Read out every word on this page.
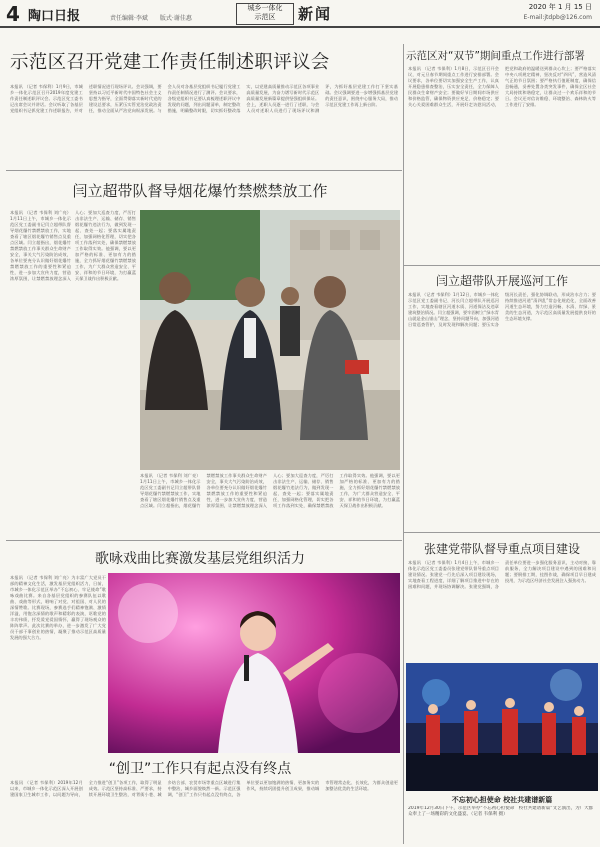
4 陶口日报	责任编辑·李斌　　版式·谢佳惠
城乡一体化
示范区	新闻	2020 年 1 月 15 日
E-mail:jtdpb@126.com
示范区召开党建工作责任制述职评议会
本报讯 （记者 韦保利）1月9日，市城乡一体化示范区召开2019年度党建工作责任制述职评议会。示范区党工委书记出席会议并讲话。会议听取了各基层党组织书记抓党建工作述职报告，并对述职情况进行现场评议。会议强调，要坚持以习近平新时代中国特色社会主义思想为指导，全面贯彻落实新时代党的建设总要求，压紧压实管党治党政治责任，推动全面从严治党向纵深发展。与会人员对各基层党组织书记履行党建工作责任制情况进行了测评。会议要求，各级党组织书记要认真梳理述职评议中发现的问题，列出问题清单，制定整改措施，明确整改时限，切实抓好整改落实，以党建高质量推动示范区各项事业高质量发展，为奋力谱写新时代示范区高质量发展新篇章提供坚强组织保证。会上，述职人员逐一进行了述职，与会人员对述职人员进行了现场评议和测评，为抓好基层党建工作打下坚实基础。会议强调要进一步增强抓基层党建的责任意识，围绕中心服务大局，推动示范区党建工作再上新台阶。
示范区对“双节”期间重点工作进行部署
本报讯 （记者 韦保利）1月8日，示范区召开会议，对元旦春节期间重点工作进行安排部署。会议要求，各单位要切实加强安全生产工作，认真开展隐患排查整治，压实安全责任，全力保障人民群众生命财产安全；要做好节日期间市场供应和价格监管，确保物资供应充足、价格稳定；要关心关爱困难群众生活，开展好走访慰问活动，把党和政府的温暖送到群众心坎上；要严格落实中央八项规定精神，坚决反对“四风”，营造风清气正的节日氛围；要严格执行值班制度，确保信息畅通，妥善处置各类突发事件，确保全区社会大局持续和谐稳定，让群众过一个欢乐祥和的节日。会议还对信访维稳、环境整治、森林防火等工作进行了安排。
闫立超带队督导烟花爆竹禁燃禁放工作
本报讯 （记者 韦保利 刘广亮）1月11日上午，市城乡一体化示范区党工委副书记闫立超带队督导烟花爆竹禁燃禁放工作，实地查看了辖区烟花爆竹销售点及重点区域。闫立超指出，烟花爆竹禁燃禁放工作事关群众生命财产安全，事关大气污染防治成效，各单位要充分认识做好烟花爆竹禁燃禁放工作的重要性和紧迫性，进一步加大宣传力度，营造浓厚氛围，让禁燃禁放理念深入人心；要加大巡查力度，严厉打击非法生产、运输、储存、销售烟花爆竹违法行为，做到发现一起、查处一起；要落实属地责任，加强网格化管理，切实把各项工作落到实处，确保禁燃禁放工作取得实效。他强调，要以更加严格的标准、更加有力的措施，全力抓好烟花爆竹禁燃禁放工作，为广大群众营造安全、平安、祥和的节日环境，为打赢蓝天保卫战作出积极贡献。
本报讯 （记者 韦保利 刘广亮）1月11日上午，市城乡一体化示范区党工委副书记闫立超带队督导烟花爆竹禁燃禁放工作，实地查看了辖区烟花爆竹销售点及重点区域。闫立超指出，烟花爆竹禁燃禁放工作事关群众生命财产安全，事关大气污染防治成效，各单位要充分认识做好烟花爆竹禁燃禁放工作的重要性和紧迫性，进一步加大宣传力度，营造浓厚氛围，让禁燃禁放理念深入人心；要加大巡查力度，严厉打击非法生产、运输、储存、销售烟花爆竹违法行为，做到发现一起、查处一起；要落实属地责任，加强网格化管理，切实把各项工作落到实处，确保禁燃禁放工作取得实效。他强调，要以更加严格的标准、更加有力的措施，全力抓好烟花爆竹禁燃禁放工作，为广大群众营造安全、平安、祥和的节日环境，为打赢蓝天保卫战作出积极贡献。
闫立超带队开展巡河工作
本报讯 （记者 韦保利）1月12日，市城乡一体化示范区党工委副书记、河长闫立超带队开展巡河工作，实地查看辖区河道水质、河道保洁及违章建筑整治情况。闫立超强调，要牢固树立“绿水青山就是金山银山”理念，坚持问题导向，加强河道日常巡查管护，及时发现和解决问题；要压实各级河长责任，强化协调联动，形成治水合力；要持续推进河道“清四乱”常态化规范化，全面改善河道生态环境，努力打造河畅、水清、岸绿、景美的生态河道，为示范区高质量发展提供良好的生态环境支撑。
歌咏戏曲比赛激发基层党组织活力
本报讯 （记者 韦保利 刘广亮）为丰富广大党员干部的精神文化生活，激发基层党组织活力，日前，市城乡一体化示范区举办“不忘初心、牢记使命”歌咏戏曲比赛。来自各基层党组织的参赛队伍以歌曲、戏曲等形式，唱响了对党、对祖国、对人民的深情赞歌。比赛现场，参赛选手们精神饱满、激情洋溢，用饱含深情的歌声和精彩的表演，讴歌党的丰功伟绩，抒发爱党爱国情怀，赢得了现场观众的阵阵掌声。此次比赛的举办，进一步激发了广大党员干部干事创业的热情，凝聚了推动示范区高质量发展的强大合力。
张建党带队督导重点项目建设
本报讯 （记者 韦保利）1月4日上午，市城乡一体化示范区党工委委员张建党带队督导重点项目建设情况。张建党一行先后深入项目建设现场，实地查看工程进度，详细了解项目推进中存在的困难和问题，并现场协调解决。张建党强调，各责任单位要进一步强化服务意识，主动对接，靠前服务，全力解决项目建设中遇到的困难和问题；要倒排工期，挂图作战，确保项目早日建成投用，为示范区经济社会发展注入强劲动力。
不忘初心担使命 校社共建谱新篇
2019年12月30日下午，示范区举办“不忘初心担使命　校社共建谱新篇”文艺演出，为广大群众奉上了一场精彩的文化盛宴。（记者 韦保利 摄）
“创卫”工作只有起点没有终点
本报讯 （记者 韦保利）2019年12月以来，市城乡一体化示范区深入开展创建国家卫生城市工作，以问题为导向，全力推进“创卫”各项工作，取得了明显成效。示范区坚持高标准、严要求，持续开展环境卫生整治，对背街小巷、城乡结合部、农贸市场等重点区域进行集中整治，城乡面貌焕然一新。示范区强调，“创卫”工作只有起点没有终点，各单位要以更加饱满的热情、更加务实的作风，持续巩固提升创卫成果，推动城市管理常态化、长效化，为群众创造更加整洁优美的生活环境。
